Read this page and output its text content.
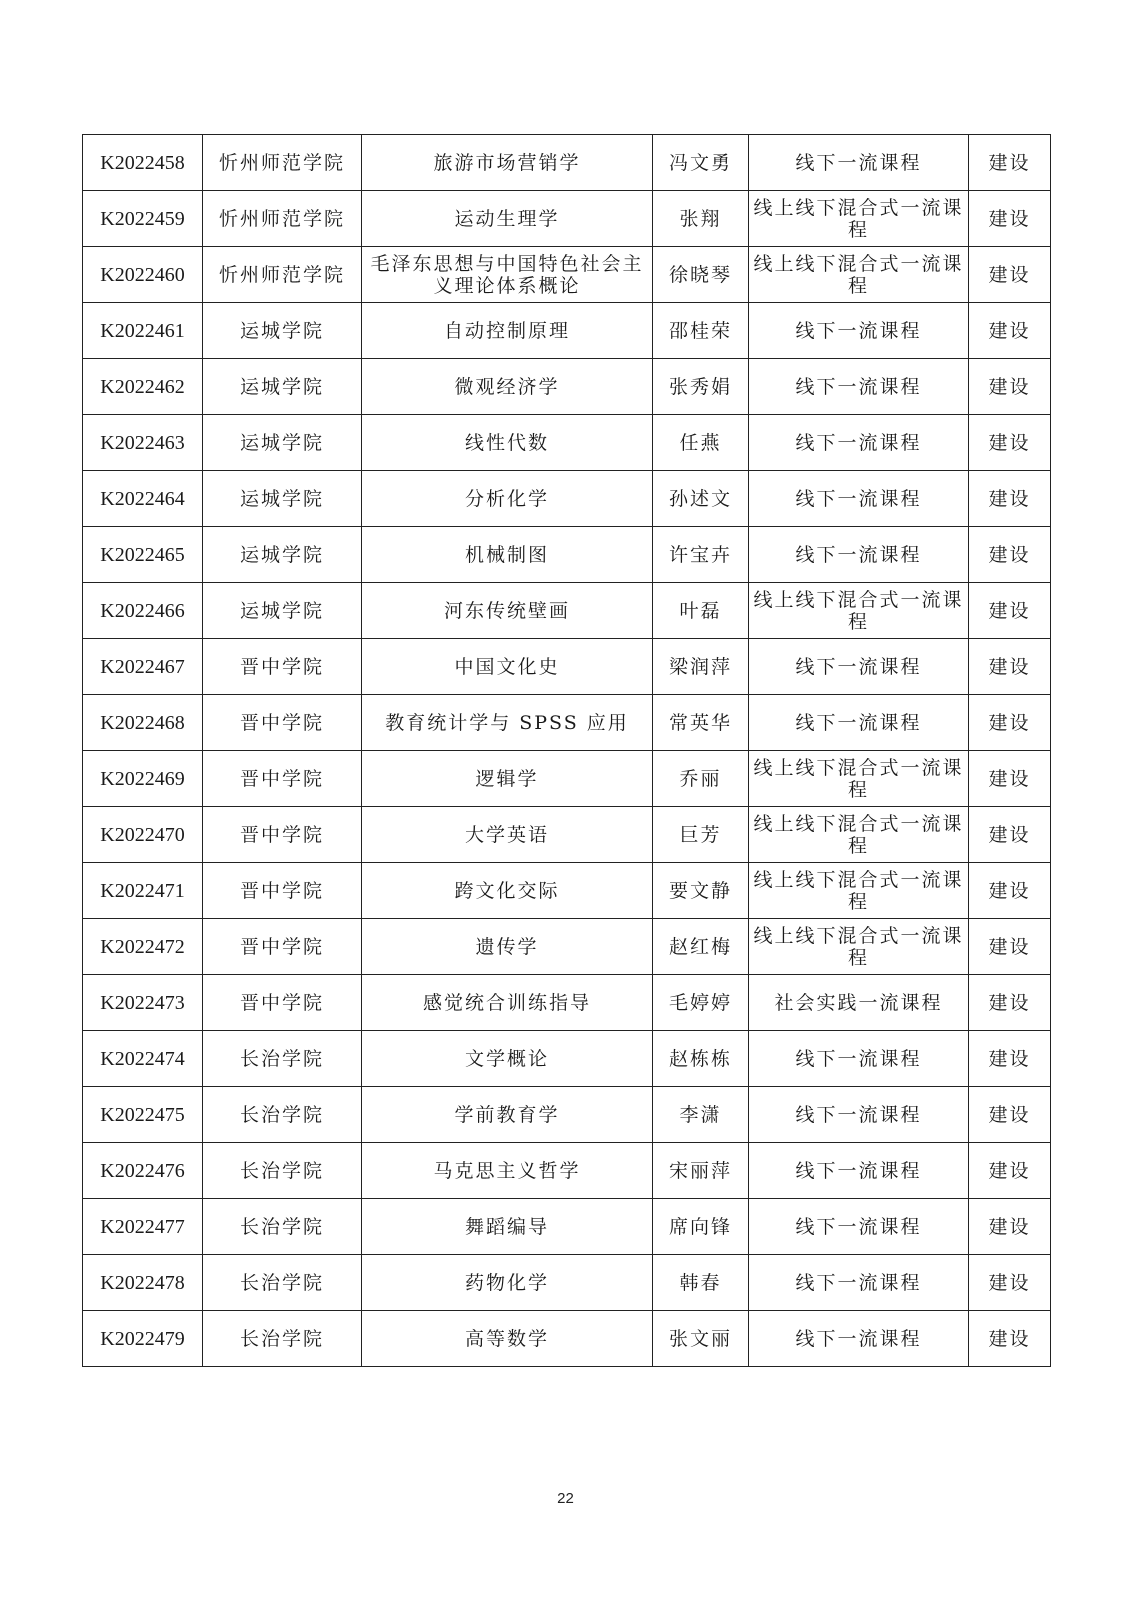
K2022458	忻州师范学院	旅游市场营销学	冯文勇	线下一流课程	建设
K2022459	忻州师范学院	运动生理学	张翔	线上线下混合式一流课程	建设
K2022460	忻州师范学院	毛泽东思想与中国特色社会主义理论体系概论	徐晓琴	线上线下混合式一流课程	建设
K2022461	运城学院	自动控制原理	邵桂荣	线下一流课程	建设
K2022462	运城学院	微观经济学	张秀娟	线下一流课程	建设
K2022463	运城学院	线性代数	任燕	线下一流课程	建设
K2022464	运城学院	分析化学	孙述文	线下一流课程	建设
K2022465	运城学院	机械制图	许宝卉	线下一流课程	建设
K2022466	运城学院	河东传统壁画	叶磊	线上线下混合式一流课程	建设
K2022467	晋中学院	中国文化史	梁润萍	线下一流课程	建设
K2022468	晋中学院	教育统计学与 SPSS 应用	常英华	线下一流课程	建设
K2022469	晋中学院	逻辑学	乔丽	线上线下混合式一流课程	建设
K2022470	晋中学院	大学英语	巨芳	线上线下混合式一流课程	建设
K2022471	晋中学院	跨文化交际	要文静	线上线下混合式一流课程	建设
K2022472	晋中学院	遗传学	赵红梅	线上线下混合式一流课程	建设
K2022473	晋中学院	感觉统合训练指导	毛婷婷	社会实践一流课程	建设
K2022474	长治学院	文学概论	赵栋栋	线下一流课程	建设
K2022475	长治学院	学前教育学	李潇	线下一流课程	建设
K2022476	长治学院	马克思主义哲学	宋丽萍	线下一流课程	建设
K2022477	长治学院	舞蹈编导	席向锋	线下一流课程	建设
K2022478	长治学院	药物化学	韩春	线下一流课程	建设
K2022479	长治学院	高等数学	张文丽	线下一流课程	建设
22
